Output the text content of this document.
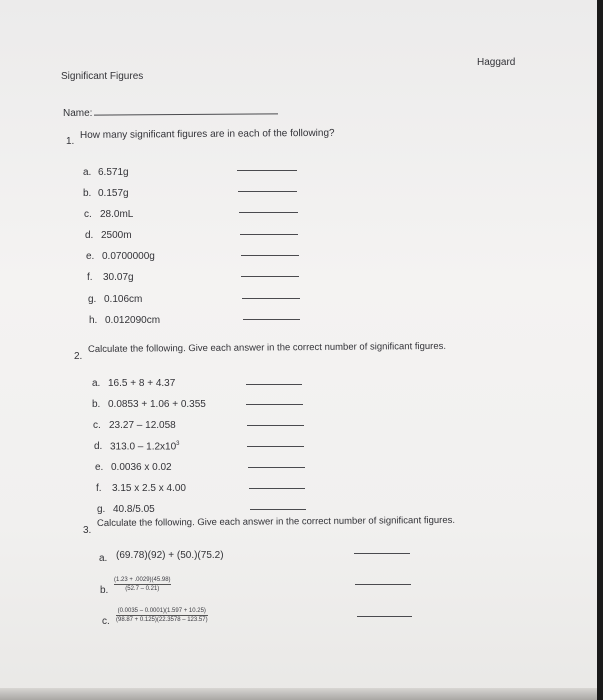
Haggard
Significant Figures
Name:
1.
How many significant figures are in each of the following?
a. 6.571g
b. 0.157g
c. 28.0mL
d. 2500m
e. 0.0700000g
f. 30.07g
g. 0.106cm
h. 0.012090cm
2.
Calculate the following. Give each answer in the correct number of significant figures.
a. 16.5 + 8 + 4.37
b. 0.0853 + 1.06 + 0.355
c. 23.27 – 12.058
d. $313.0 - 1.2x10^3$
e. 0.0036 x 0.02
f. 3.15 x 2.5 x 4.00
g. 40.8/5.05
3.
Calculate the following. Give each answer in the correct number of significant figures.
a. (69.78)(92) + (50.)(75.2)
b. $\frac{(1.23 + .0029)(45.98)}{(52.7 - 0.21)}$
c. $\frac{(0.0035 - 0.0001)(1.597 + 10.25)}{(98.87 + 0.125)(22.3578 - 123.57)}$
